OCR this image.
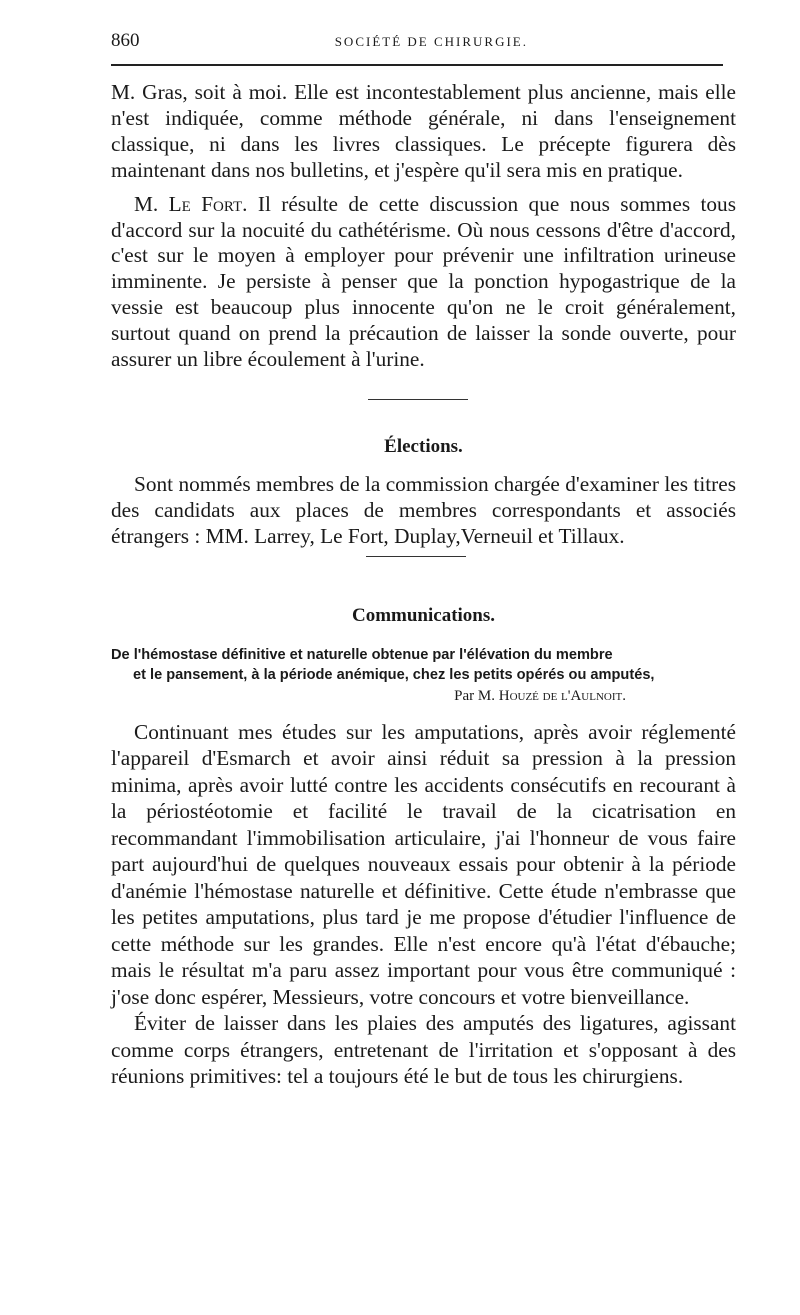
860	SOCIÉTÉ DE CHIRURGIE.

M. Gras, soit à moi. Elle est incontestablement plus ancienne, mais elle n'est indiquée, comme méthode générale, ni dans l'enseignement classique, ni dans les livres classiques. Le précepte figurera dès maintenant dans nos bulletins, et j'espère qu'il sera mis en pratique.

M. Le Fort. Il résulte de cette discussion que nous sommes tous d'accord sur la nocuité du cathétérisme. Où nous cessons d'être d'accord, c'est sur le moyen à employer pour prévenir une infiltration urineuse imminente. Je persiste à penser que la ponction hypogastrique de la vessie est beaucoup plus innocente qu'on ne le croit généralement, surtout quand on prend la précaution de laisser la sonde ouverte, pour assurer un libre écoulement à l'urine.

Élections.

Sont nommés membres de la commission chargée d'examiner les titres des candidats aux places de membres correspondants et associés étrangers : MM. Larrey, Le Fort, Duplay,Verneuil et Tillaux.

Communications.
De l'hémostase définitive et naturelle obtenue par l'élévation du membre
et le pansement, à la période anémique, chez les petits opérés ou amputés,
Par M. Houzé de l'Aulnoit.

Continuant mes études sur les amputations, après avoir réglementé l'appareil d'Esmarch et avoir ainsi réduit sa pression à la pression minima, après avoir lutté contre les accidents consécutifs en recourant à la périostéotomie et facilité le travail de la cicatrisation en recommandant l'immobilisation articulaire, j'ai l'honneur de vous faire part aujourd'hui de quelques nouveaux essais pour obtenir à la période d'anémie l'hémostase naturelle et définitive. Cette étude n'embrasse que les petites amputations, plus tard je me propose d'étudier l'influence de cette méthode sur les grandes. Elle n'est encore qu'à l'état d'ébauche; mais le résultat m'a paru assez important pour vous être communiqué : j'ose donc espérer, Messieurs, votre concours et votre bienveillance.

Éviter de laisser dans les plaies des amputés des ligatures, agissant comme corps étrangers, entretenant de l'irritation et s'opposant à des réunions primitives: tel a toujours été le but de tous les chirurgiens.
